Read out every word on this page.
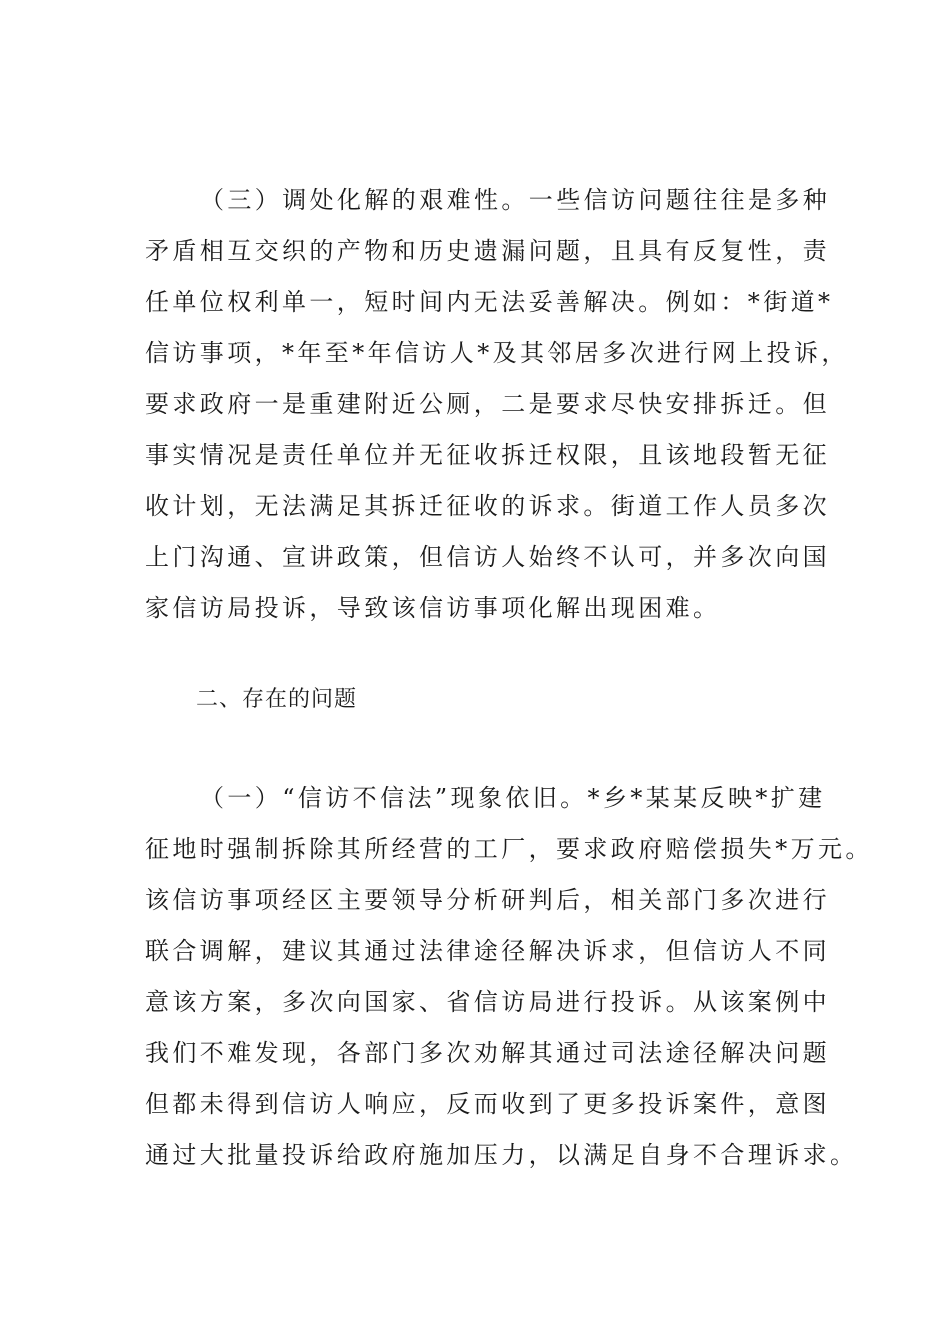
（三）调处化解的艰难性。一些信访问题往往是多种
矛盾相互交织的产物和历史遗漏问题，且具有反复性，责
任单位权利单一，短时间内无法妥善解决。例如：*街道*
信访事项，*年至*年信访人*及其邻居多次进行网上投诉，
要求政府一是重建附近公厕，二是要求尽快安排拆迁。但
事实情况是责任单位并无征收拆迁权限，且该地段暂无征
收计划，无法满足其拆迁征收的诉求。街道工作人员多次
上门沟通、宣讲政策，但信访人始终不认可，并多次向国
家信访局投诉，导致该信访事项化解出现困难。
二、存在的问题
（一）“信访不信法”现象依旧。*乡*某某反映*扩建
征地时强制拆除其所经营的工厂，要求政府赔偿损失*万元。
该信访事项经区主要领导分析研判后，相关部门多次进行
联合调解，建议其通过法律途径解决诉求，但信访人不同
意该方案，多次向国家、省信访局进行投诉。从该案例中
我们不难发现，各部门多次劝解其通过司法途径解决问题
但都未得到信访人响应，反而收到了更多投诉案件，意图
通过大批量投诉给政府施加压力，以满足自身不合理诉求。
